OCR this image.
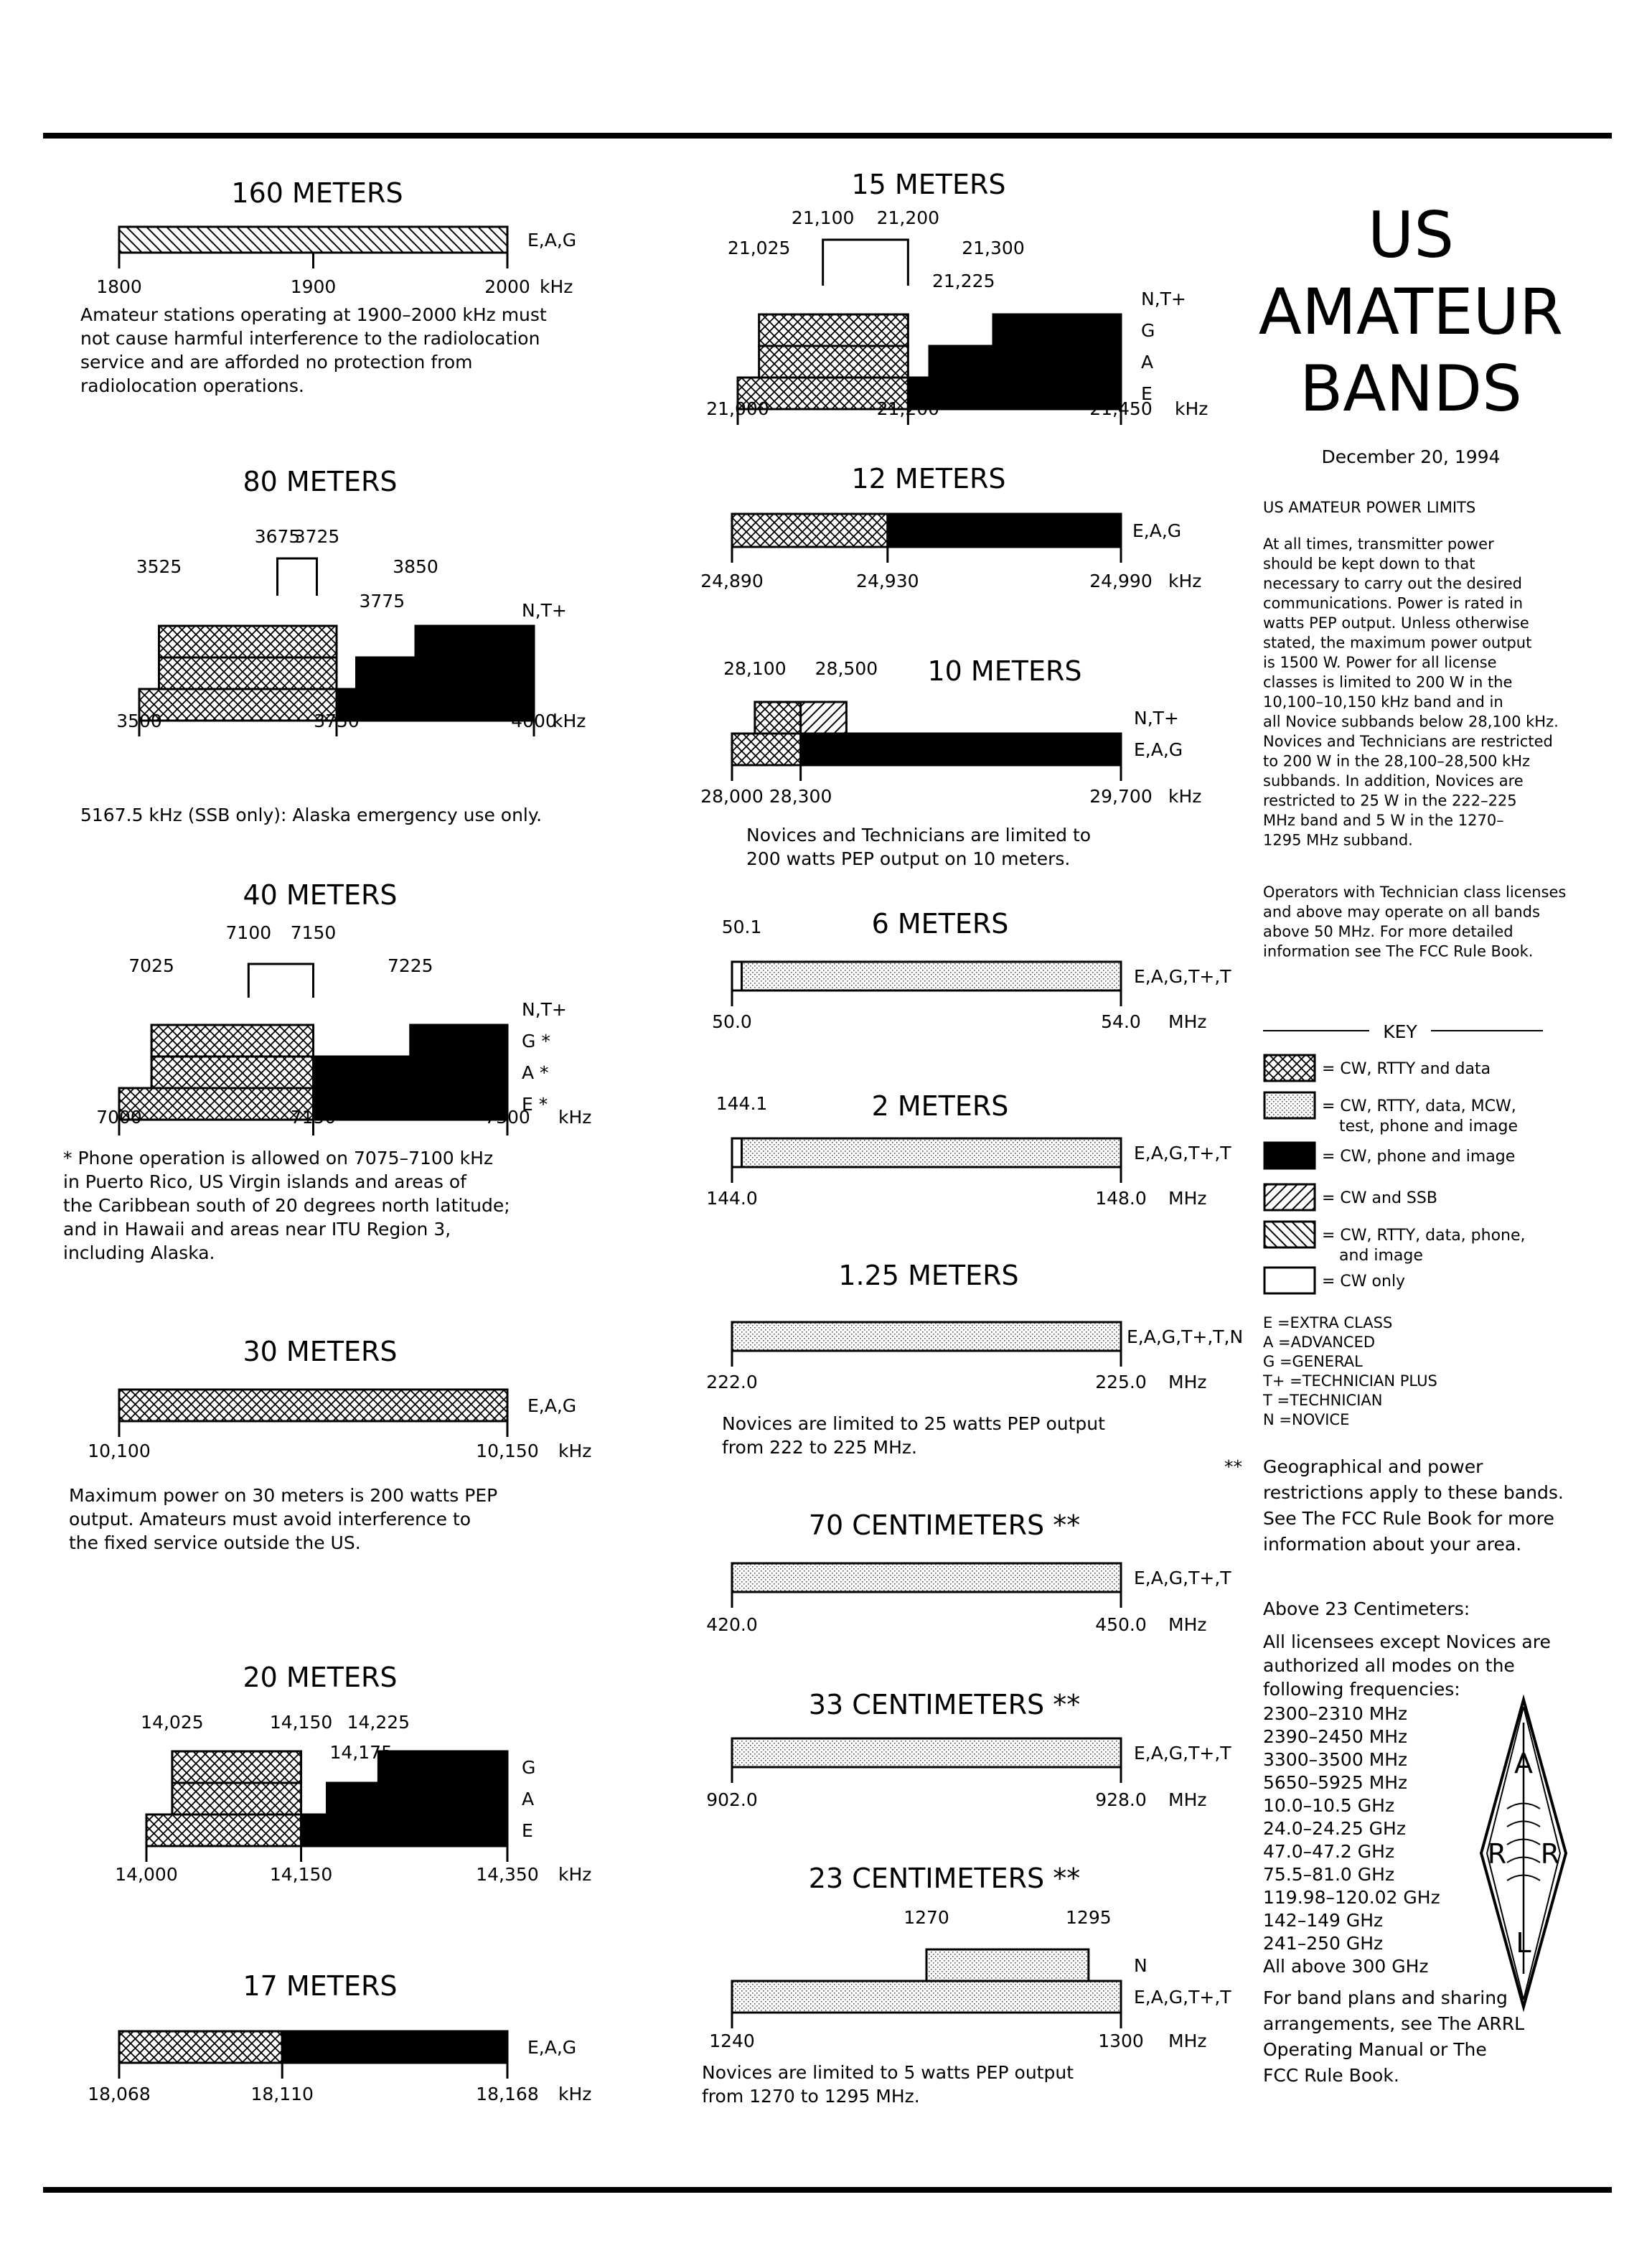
160 METERS
E,A,G
1800	1900	2000 kHz
Amateur stations operating at 1900–2000 kHz must
not cause harmful interference to the radiolocation
service and are afforded no protection from
radiolocation operations.
80 METERS
N,T+
G
A
E
3500	3750	4000
kHz
3525
3675
3725
3775
3850
5167.5 kHz (SSB only): Alaska emergency use only.
40 METERS
N,T+
G *
A *
E *
7000	7150	7300 kHz
7025
7100 7150
7225
* Phone operation is allowed on 7075–7100 kHz
in Puerto Rico, US Virgin islands and areas of
the Caribbean south of 20 degrees north latitude;
and in Hawaii and areas near ITU Region 3,
including Alaska.
30 METERS
E,A,G
10,100	10,150 kHz
Maximum power on 30 meters is 200 watts PEP
output. Amateurs must avoid interference to
the fixed service outside the US.
20 METERS
G
A
E
14,000	14,150	14,350 kHz
14,025	14,150
14,175
14,225
17 METERS
E,A,G
18,068	18,110	18,168 kHz
15 METERS
N,T+
G
A
E
21,000	21,200	21,450 kHz
21,025
21,100 21,200
21,225
21,300
12 METERS
E,A,G
24,890	24,930	24,990 kHz
10 METERS
N,T+
E,A,G
28,000 28,300	29,700 kHz
28,100 28,500
Novices and Technicians are limited to
200 watts PEP output on 10 meters.
6 METERS
E,A,G,T+,T
50.0	54.0 MHz
50.1
2 METERS
E,A,G,T+,T
144.0	148.0 MHz
144.1
1.25 METERS
E,A,G,T+,T,N
222.0	225.0 MHz
Novices are limited to 25 watts PEP output
from 222 to 225 MHz.
70 CENTIMETERS **
E,A,G,T+,T
420.0	450.0 MHz
33 CENTIMETERS **
E,A,G,T+,T
902.0	928.0 MHz
23 CENTIMETERS **
N
E,A,G,T+,T
1240	1300 MHz
1270	1295
Novices are limited to 5 watts PEP output
from 1270 to 1295 MHz.
US
AMATEUR
BANDS
December 20, 1994
US AMATEUR POWER LIMITS
At all times, transmitter power
should be kept down to that
necessary to carry out the desired
communications. Power is rated in
watts PEP output. Unless otherwise
stated, the maximum power output
is 1500 W. Power for all license
classes is limited to 200 W in the
10,100–10,150 kHz band and in
all Novice subbands below 28,100 kHz.
Novices and Technicians are restricted
to 200 W in the 28,100–28,500 kHz
subbands. In addition, Novices are
restricted to 25 W in the 222–225
MHz band and 5 W in the 1270–
1295 MHz subband.
Operators with Technician class licenses
and above may operate on all bands
above 50 MHz. For more detailed
information see The FCC Rule Book.
KEY
= CW, RTTY and data
= CW, RTTY, data, MCW,
test, phone and image
= CW, phone and image
= CW and SSB
= CW, RTTY, data, phone,
and image
= CW only
E =EXTRA CLASS
A =ADVANCED
G =GENERAL
T+ =TECHNICIAN PLUS
T =TECHNICIAN
N =NOVICE
** Geographical and power
restrictions apply to these bands.
See The FCC Rule Book for more
information about your area.
Above 23 Centimeters:
All licensees except Novices are
authorized all modes on the
following frequencies:
2300–2310 MHz
2390–2450 MHz
3300–3500 MHz
5650–5925 MHz
10.0–10.5 GHz
24.0–24.25 GHz
47.0–47.2 GHz
75.5–81.0 GHz
119.98–120.02 GHz
142–149 GHz
241–250 GHz
All above 300 GHz
For band plans and sharing
arrangements, see The ARRL
Operating Manual or The
FCC Rule Book.
A
R R
L
